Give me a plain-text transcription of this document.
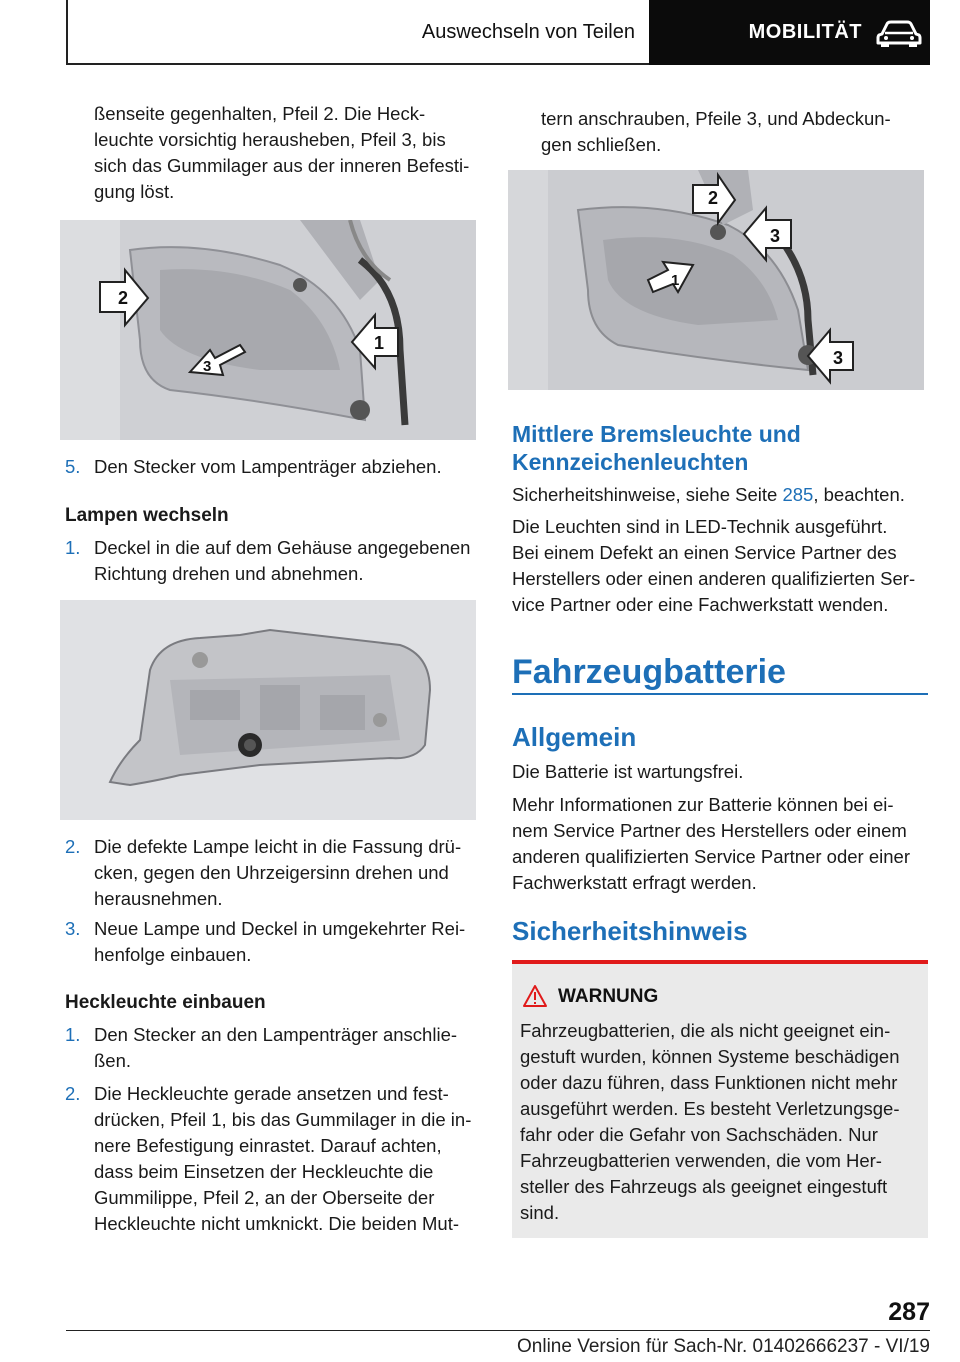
Auswechseln von Teilen	MOBILITÄT
ßenseite gegenhalten, Pfeil 2. Die Heck‐
leuchte vorsichtig herausheben, Pfeil 3, bis
sich das Gummilager aus der inneren Befesti‐
gung löst.
2
1
3
5. Den Stecker vom Lampenträger abziehen.
Lampen wechseln
1. Deckel in die auf dem Gehäuse angegebenen
Richtung drehen und abnehmen.
2. Die defekte Lampe leicht in die Fassung drü‐
cken, gegen den Uhrzeigersinn drehen und
herausnehmen.
3. Neue Lampe und Deckel in umgekehrter Rei‐
henfolge einbauen.
Heckleuchte einbauen
1. Den Stecker an den Lampenträger anschlie‐
ßen.
2. Die Heckleuchte gerade ansetzen und fest‐
drücken, Pfeil 1, bis das Gummilager in die in‐
nere Befestigung einrastet. Darauf achten,
dass beim Einsetzen der Heckleuchte die
Gummilippe, Pfeil 2, an der Oberseite der
Heckleuchte nicht umknickt. Die beiden Mut‐
tern anschrauben, Pfeile 3, und Abdeckun‐
gen schließen.
2
3
1
3
Mittlere Bremsleuchte und
Kennzeichenleuchten
Sicherheitshinweise, siehe Seite 285, beachten.
Die Leuchten sind in LED-Technik ausgeführt.
Bei einem Defekt an einen Service Partner des
Herstellers oder einen anderen qualifizierten Ser‐
vice Partner oder eine Fachwerkstatt wenden.
Fahrzeugbatterie
Allgemein
Die Batterie ist wartungsfrei.
Mehr Informationen zur Batterie können bei ei‐
nem Service Partner des Herstellers oder einem
anderen qualifizierten Service Partner oder einer
Fachwerkstatt erfragt werden.
Sicherheitshinweis
WARNUNG
Fahrzeugbatterien, die als nicht geeignet ein‐
gestuft wurden, können Systeme beschädigen
oder dazu führen, dass Funktionen nicht mehr
ausgeführt werden. Es besteht Verletzungsge‐
fahr oder die Gefahr von Sachschäden. Nur
Fahrzeugbatterien verwenden, die vom Her‐
steller des Fahrzeugs als geeignet eingestuft
sind.
287
Online Version für Sach-Nr. 01402666237 - VI/19
